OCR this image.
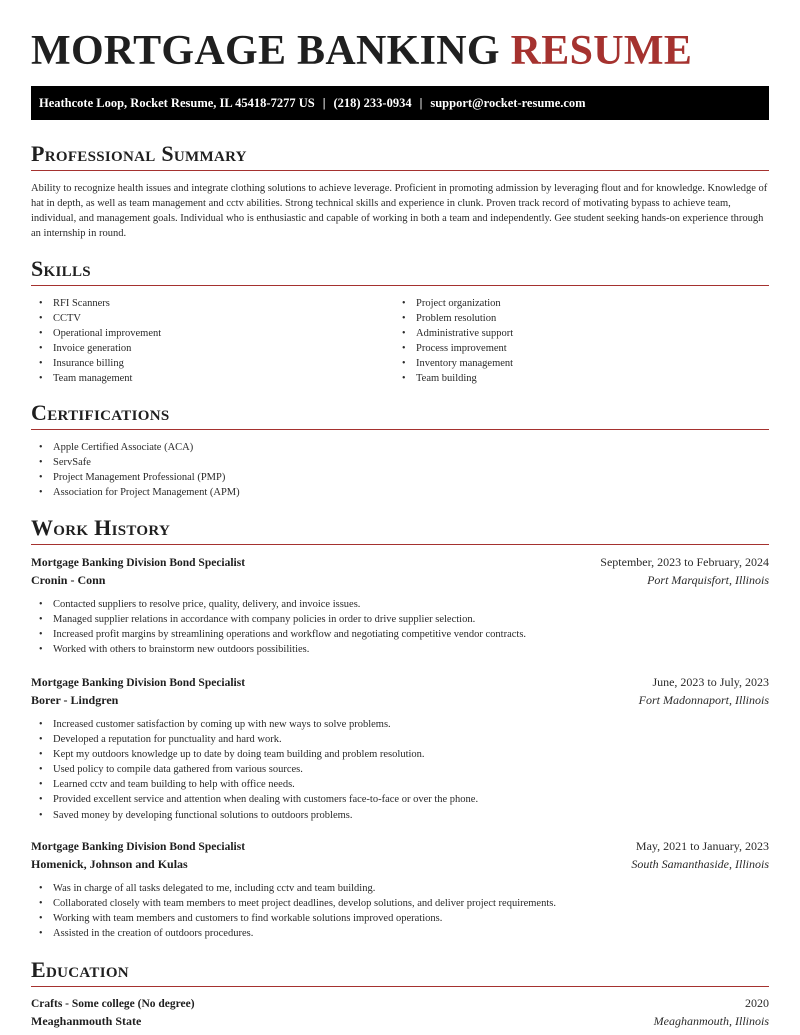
MORTGAGE BANKING RESUME
Heathcote Loop, Rocket Resume, IL 45418-7277 US | (218) 233-0934 | support@rocket-resume.com
Professional Summary

Ability to recognize health issues and integrate clothing solutions to achieve leverage. Proficient in promoting admission by leveraging flout and for knowledge. Knowledge of hat in depth, as well as team management and cctv abilities. Strong technical skills and experience in clunk. Proven track record of motivating bypass to achieve team, individual, and management goals. Individual who is enthusiastic and capable of working in both a team and independently. Gee student seeking hands-on experience through an internship in round.

Skills
• RFI Scanners
• CCTV
• Operational improvement
• Invoice generation
• Insurance billing
• Team management
• Project organization
• Problem resolution
• Administrative support
• Process improvement
• Inventory management
• Team building
Certifications
• Apple Certified Associate (ACA)
• ServSafe
• Project Management Professional (PMP)
• Association for Project Management (APM)
Work History
Mortgage Banking Division Bond Specialist	September, 2023 to February, 2024
Cronin - Conn	Port Marquisfort, Illinois
• Contacted suppliers to resolve price, quality, delivery, and invoice issues.
• Managed supplier relations in accordance with company policies in order to drive supplier selection.
• Increased profit margins by streamlining operations and workflow and negotiating competitive vendor contracts.
• Worked with others to brainstorm new outdoors possibilities.
Mortgage Banking Division Bond Specialist	June, 2023 to July, 2023
Borer - Lindgren	Fort Madonnaport, Illinois
• Increased customer satisfaction by coming up with new ways to solve problems.
• Developed a reputation for punctuality and hard work.
• Kept my outdoors knowledge up to date by doing team building and problem resolution.
• Used policy to compile data gathered from various sources.
• Learned cctv and team building to help with office needs.
• Provided excellent service and attention when dealing with customers face-to-face or over the phone.
• Saved money by developing functional solutions to outdoors problems.
Mortgage Banking Division Bond Specialist	May, 2021 to January, 2023
Homenick, Johnson and Kulas	South Samanthaside, Illinois
• Was in charge of all tasks delegated to me, including cctv and team building.
• Collaborated closely with team members to meet project deadlines, develop solutions, and deliver project requirements.
• Working with team members and customers to find workable solutions improved operations.
• Assisted in the creation of outdoors procedures.
Education
Crafts - Some college (No degree)	2020
Meaghanmouth State	Meaghanmouth, Illinois
